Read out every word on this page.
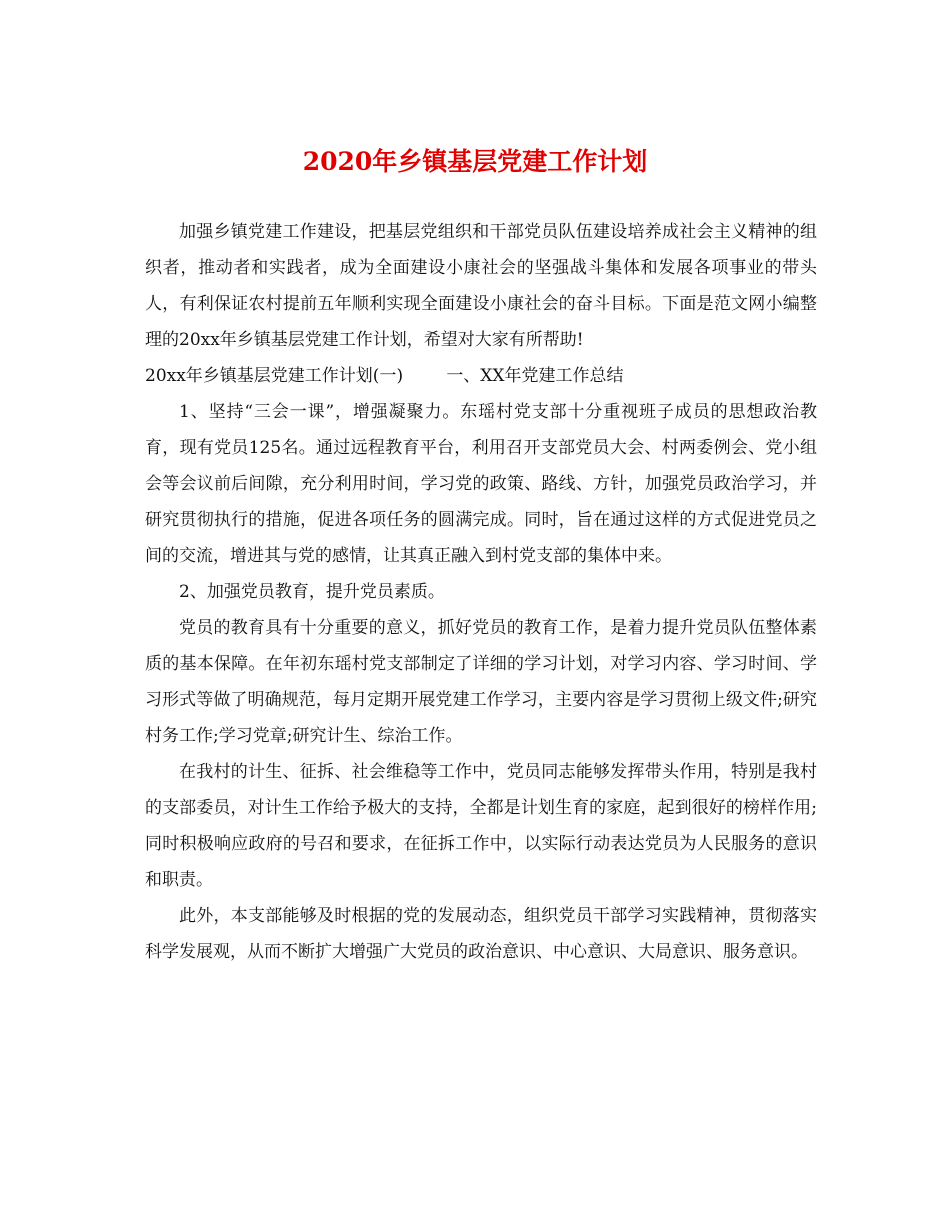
2020年乡镇基层党建工作计划

加强乡镇党建工作建设，把基层党组织和干部党员队伍建设培养成社会主义精神的组织者，推动者和实践者，成为全面建设小康社会的坚强战斗集体和发展各项事业的带头人，有利保证农村提前五年顺利实现全面建设小康社会的奋斗目标。下面是范文网小编整理的20xx年乡镇基层党建工作计划，希望对大家有所帮助!

20xx年乡镇基层党建工作计划(一)	一、XX年党建工作总结

1、坚持“三会一课”，增强凝聚力。东瑶村党支部十分重视班子成员的思想政治教育，现有党员125名。通过远程教育平台，利用召开支部党员大会、村两委例会、党小组会等会议前后间隙，充分利用时间，学习党的政策、路线、方针，加强党员政治学习，并研究贯彻执行的措施，促进各项任务的圆满完成。同时，旨在通过这样的方式促进党员之间的交流，增进其与党的感情，让其真正融入到村党支部的集体中来。

2、加强党员教育，提升党员素质。

党员的教育具有十分重要的意义，抓好党员的教育工作，是着力提升党员队伍整体素质的基本保障。在年初东瑶村党支部制定了详细的学习计划，对学习内容、学习时间、学习形式等做了明确规范，每月定期开展党建工作学习，主要内容是学习贯彻上级文件;研究村务工作;学习党章;研究计生、综治工作。

在我村的计生、征拆、社会维稳等工作中，党员同志能够发挥带头作用，特别是我村的支部委员，对计生工作给予极大的支持，全都是计划生育的家庭，起到很好的榜样作用;同时积极响应政府的号召和要求，在征拆工作中，以实际行动表达党员为人民服务的意识和职责。

此外，本支部能够及时根据的党的发展动态，组织党员干部学习实践精神，贯彻落实科学发展观，从而不断扩大增强广大党员的政治意识、中心意识、大局意识、服务意识。
